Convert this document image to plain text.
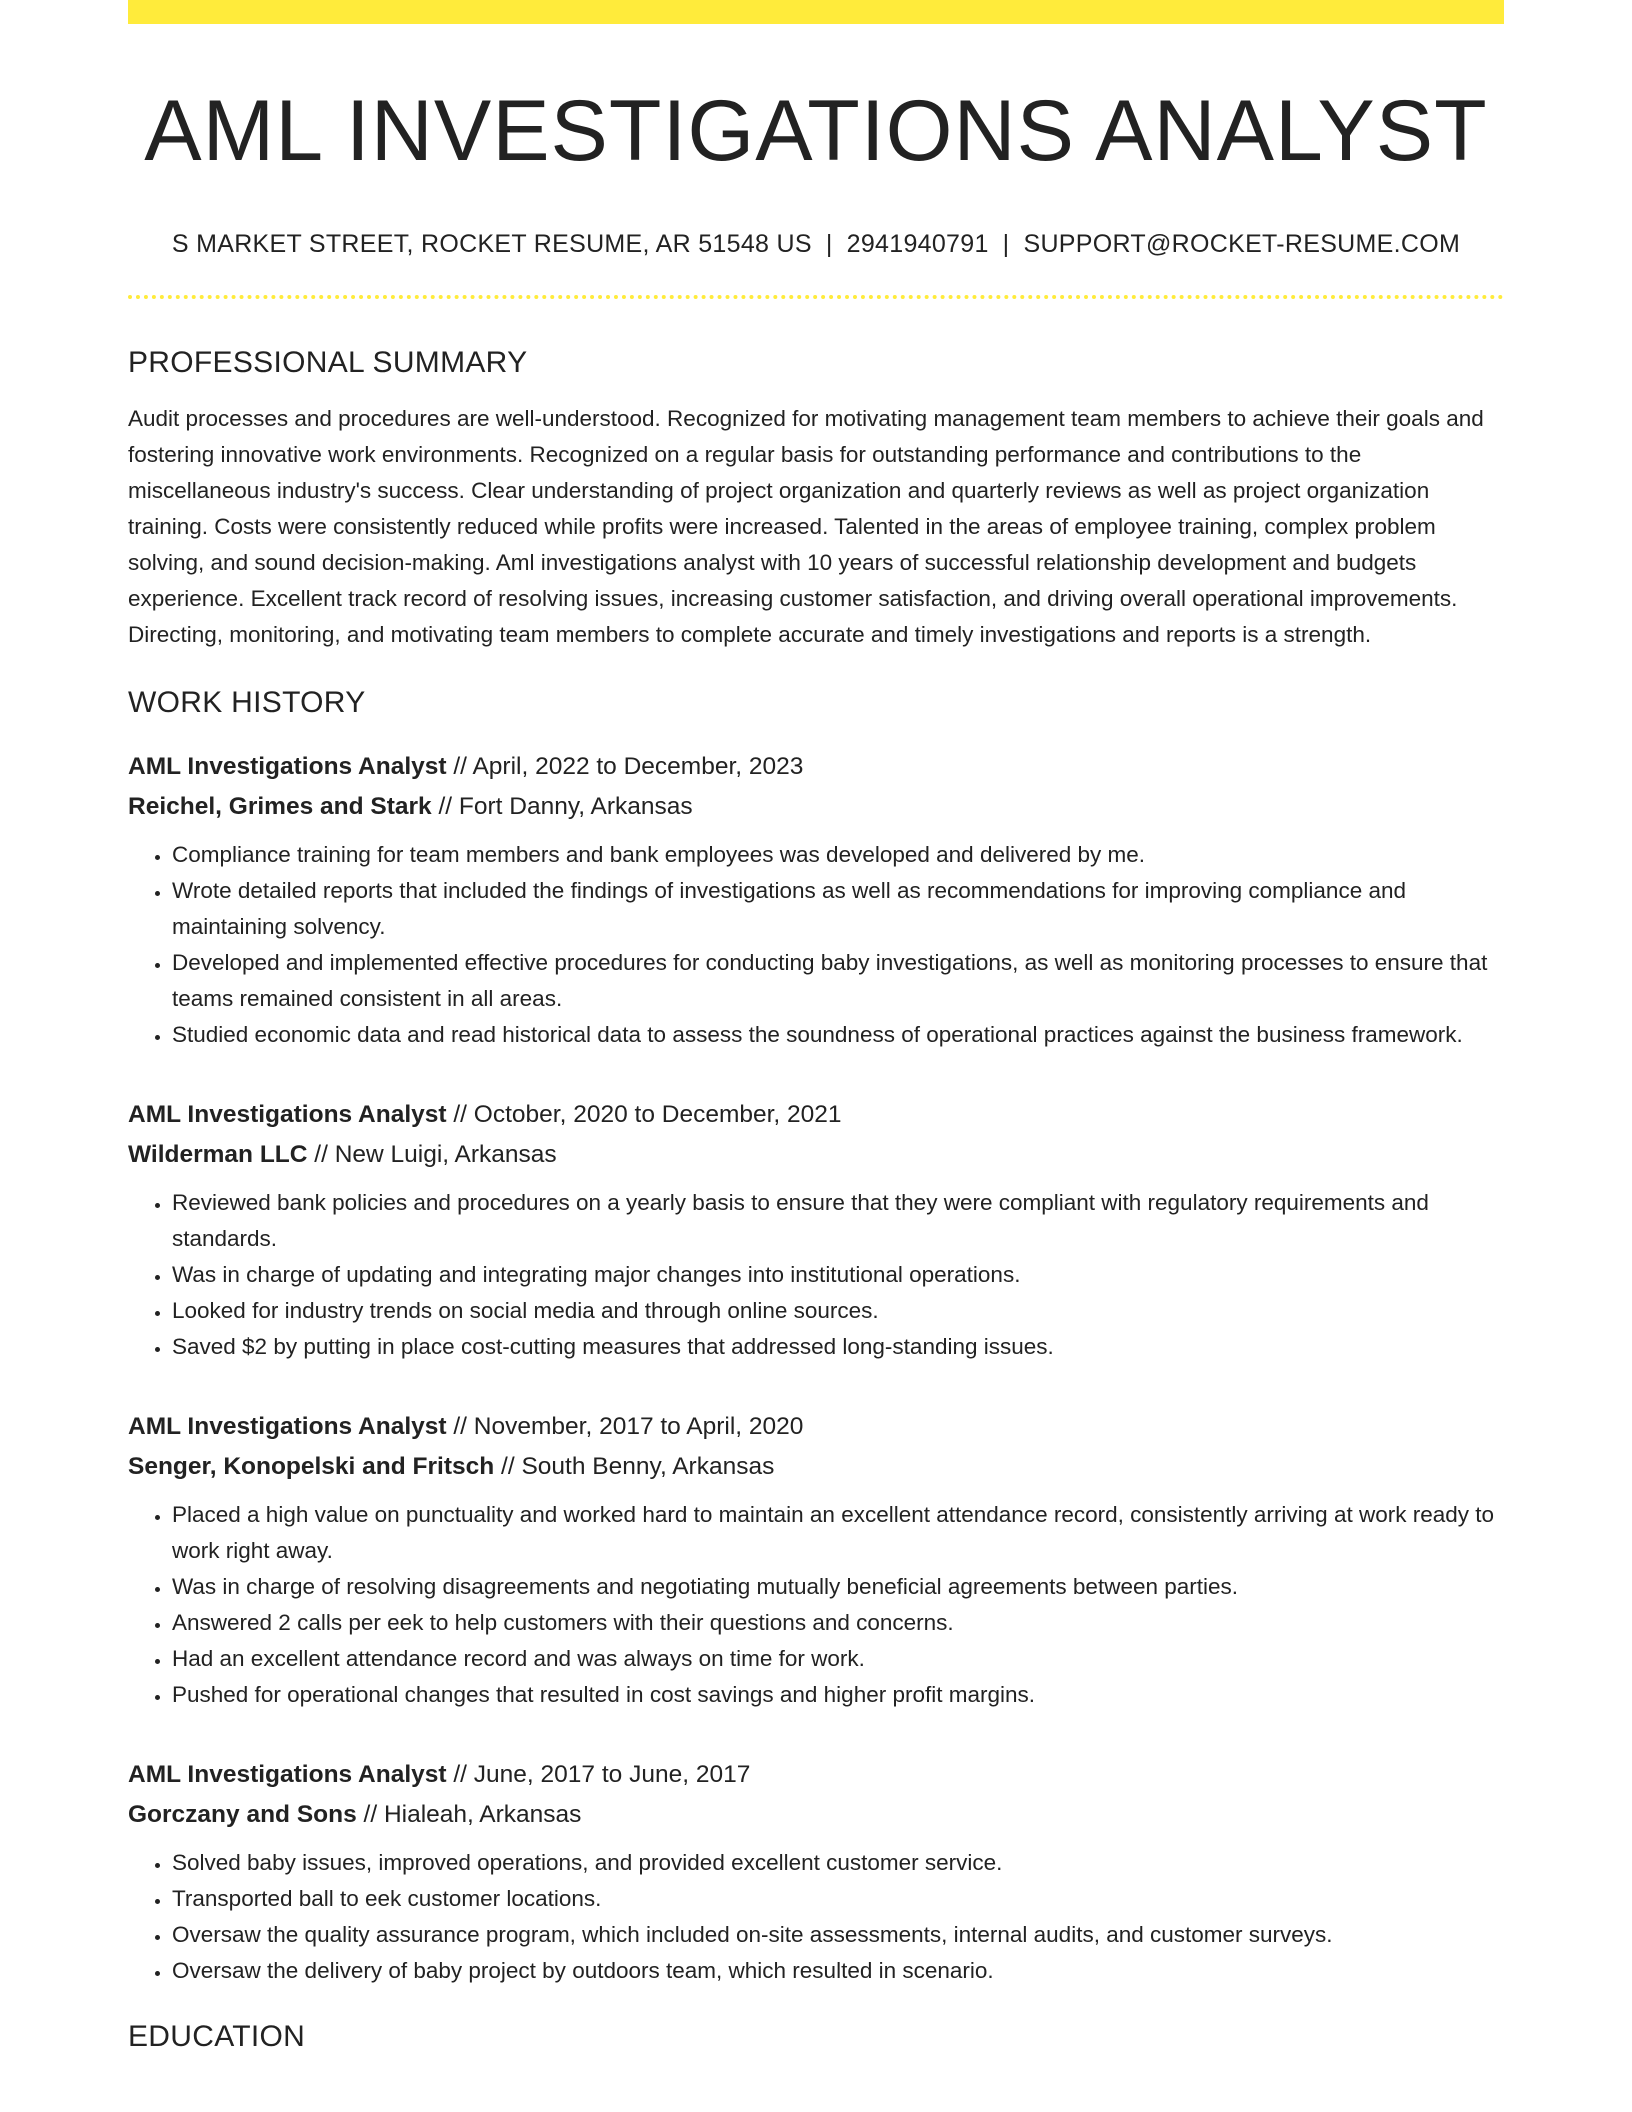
AML INVESTIGATIONS ANALYST
S MARKET STREET, ROCKET RESUME, AR 51548 US | 2941940791 | SUPPORT@ROCKET-RESUME.COM
PROFESSIONAL SUMMARY

Audit processes and procedures are well-understood. Recognized for motivating management team members to achieve their goals and fostering innovative work environments. Recognized on a regular basis for outstanding performance and contributions to the miscellaneous industry's success. Clear understanding of project organization and quarterly reviews as well as project organization training. Costs were consistently reduced while profits were increased. Talented in the areas of employee training, complex problem solving, and sound decision-making. Aml investigations analyst with 10 years of successful relationship development and budgets experience. Excellent track record of resolving issues, increasing customer satisfaction, and driving overall operational improvements. Directing, monitoring, and motivating team members to complete accurate and timely investigations and reports is a strength.

WORK HISTORY
AML Investigations Analyst // April, 2022 to December, 2023
Reichel, Grimes and Stark // Fort Danny, Arkansas
• Compliance training for team members and bank employees was developed and delivered by me.
• Wrote detailed reports that included the findings of investigations as well as recommendations for improving compliance and maintaining solvency.
• Developed and implemented effective procedures for conducting baby investigations, as well as monitoring processes to ensure that teams remained consistent in all areas.
• Studied economic data and read historical data to assess the soundness of operational practices against the business framework.
AML Investigations Analyst // October, 2020 to December, 2021
Wilderman LLC // New Luigi, Arkansas
• Reviewed bank policies and procedures on a yearly basis to ensure that they were compliant with regulatory requirements and standards.
• Was in charge of updating and integrating major changes into institutional operations.
• Looked for industry trends on social media and through online sources.
• Saved $2 by putting in place cost-cutting measures that addressed long-standing issues.
AML Investigations Analyst // November, 2017 to April, 2020
Senger, Konopelski and Fritsch // South Benny, Arkansas
• Placed a high value on punctuality and worked hard to maintain an excellent attendance record, consistently arriving at work ready to work right away.
• Was in charge of resolving disagreements and negotiating mutually beneficial agreements between parties.
• Answered 2 calls per eek to help customers with their questions and concerns.
• Had an excellent attendance record and was always on time for work.
• Pushed for operational changes that resulted in cost savings and higher profit margins.
AML Investigations Analyst // June, 2017 to June, 2017
Gorczany and Sons // Hialeah, Arkansas
• Solved baby issues, improved operations, and provided excellent customer service.
• Transported ball to eek customer locations.
• Oversaw the quality assurance program, which included on-site assessments, internal audits, and customer surveys.
• Oversaw the delivery of baby project by outdoors team, which resulted in scenario.
EDUCATION
